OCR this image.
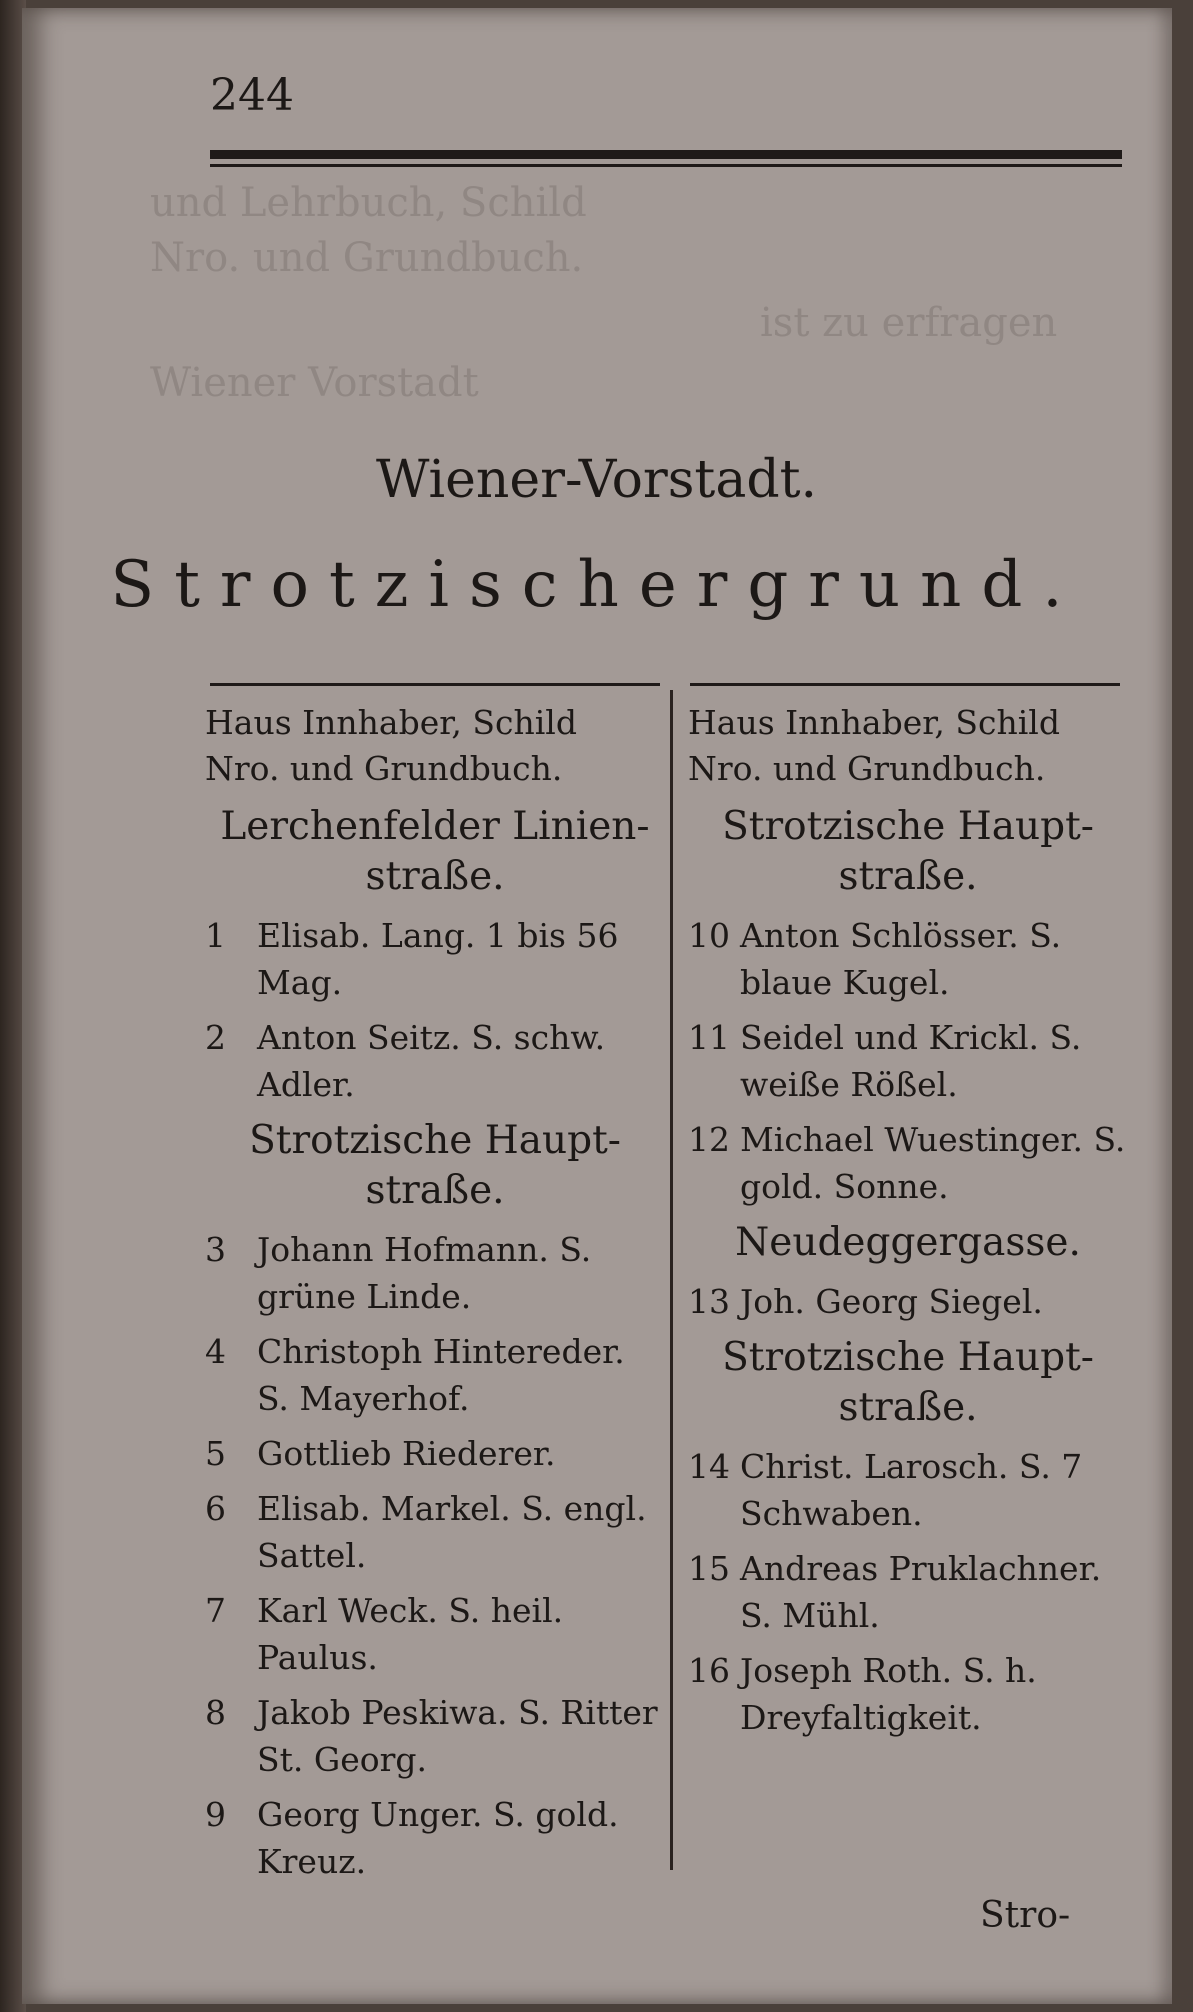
und Lehrbuch, Schild
Nro. und Grundbuch.
ist zu erfragen
Wiener Vorstadt
244
Wiener-Vorstadt.
Strotzischergrund.
Haus Innhaber, Schild
Nro. und Grundbuch.
Lerchenfelder Linien-straße.
1 Elisab. Lang. 1 bis 56 Mag.
2 Anton Seitz. S. schw. Adler.
Strotzische Haupt-straße.
3 Johann Hofmann. S. grüne Linde.
4 Christoph Hintereder. S. Mayerhof.
5 Gottlieb Riederer.
6 Elisab. Markel. S. engl. Sattel.
7 Karl Weck. S. heil. Paulus.
8 Jakob Peskiwa. S. Ritter St. Georg.
9 Georg Unger. S. gold. Kreuz.
Haus Innhaber, Schild
Nro. und Grundbuch.
Strotzische Haupt-straße.
10 Anton Schlösser. S. blaue Kugel.
11 Seidel und Krickl. S. weiße Rößel.
12 Michael Wuestinger. S. gold. Sonne.
Neudeggergasse.
13 Joh. Georg Siegel.
Strotzische Haupt-straße.
14 Christ. Larosch. S. 7 Schwaben.
15 Andreas Pruklachner. S. Mühl.
16 Joseph Roth. S. h. Dreyfaltigkeit.
Stro-
